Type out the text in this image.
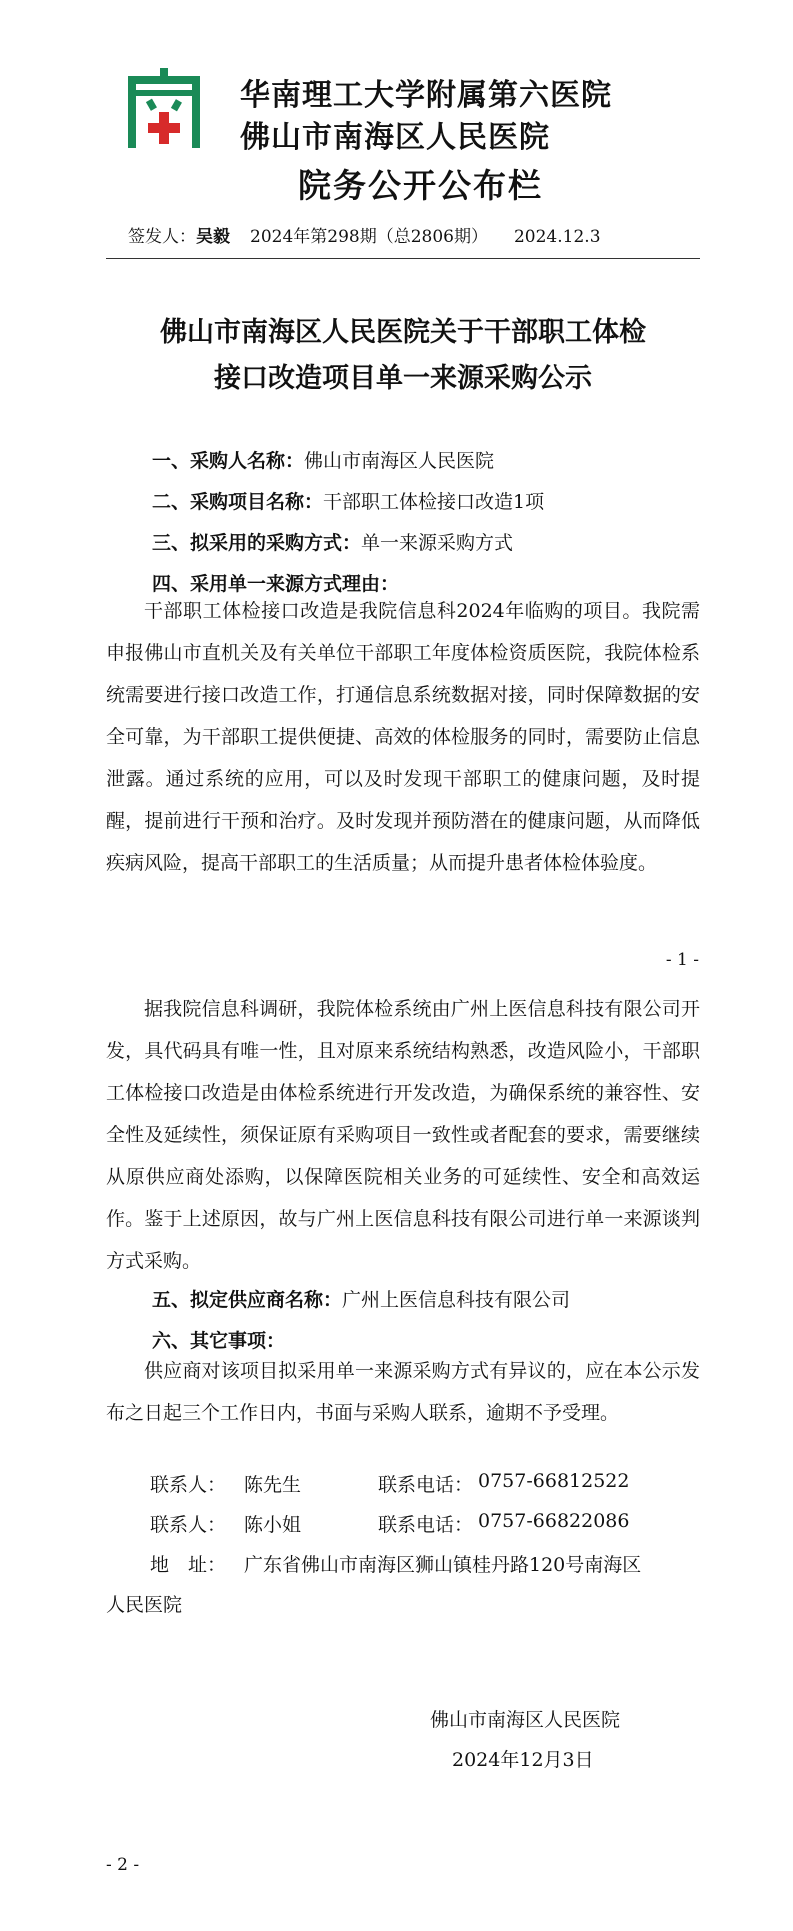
华南理工大学附属第六医院
佛山市南海区人民医院
院务公开公布栏
签发人：吴毅 2024年第298期（总2806期） 2024.12.3
佛山市南海区人民医院关于干部职工体检
接口改造项目单一来源采购公示
一、采购人名称：佛山市南海区人民医院
二、采购项目名称：干部职工体检接口改造1项
三、拟采用的采购方式：单一来源采购方式
四、采用单一来源方式理由：
干部职工体检接口改造是我院信息科2024年临购的项目。我院需申报佛山市直机关及有关单位干部职工年度体检资质医院，我院体检系统需要进行接口改造工作，打通信息系统数据对接，同时保障数据的安全可靠，为干部职工提供便捷、高效的体检服务的同时，需要防止信息泄露。通过系统的应用，可以及时发现干部职工的健康问题，及时提醒，提前进行干预和治疗。及时发现并预防潜在的健康问题，从而降低疾病风险，提高干部职工的生活质量；从而提升患者体检体验度。
- 1 -
据我院信息科调研，我院体检系统由广州上医信息科技有限公司开发，具代码具有唯一性，且对原来系统结构熟悉，改造风险小，干部职工体检接口改造是由体检系统进行开发改造，为确保系统的兼容性、安全性及延续性，须保证原有采购项目一致性或者配套的要求，需要继续从原供应商处添购，以保障医院相关业务的可延续性、安全和高效运作。鉴于上述原因，故与广州上医信息科技有限公司进行单一来源谈判方式采购。
五、拟定供应商名称：广州上医信息科技有限公司
六、其它事项：
供应商对该项目拟采用单一来源采购方式有异议的，应在本公示发布之日起三个工作日内，书面与采购人联系，逾期不予受理。
联系人： 陈先生	联系电话： 0757-66812522
联系人： 陈小姐	联系电话： 0757-66822086
地　址： 广东省佛山市南海区狮山镇桂丹路120号南海区
人民医院
佛山市南海区人民医院
2024年12月3日
- 2 -
